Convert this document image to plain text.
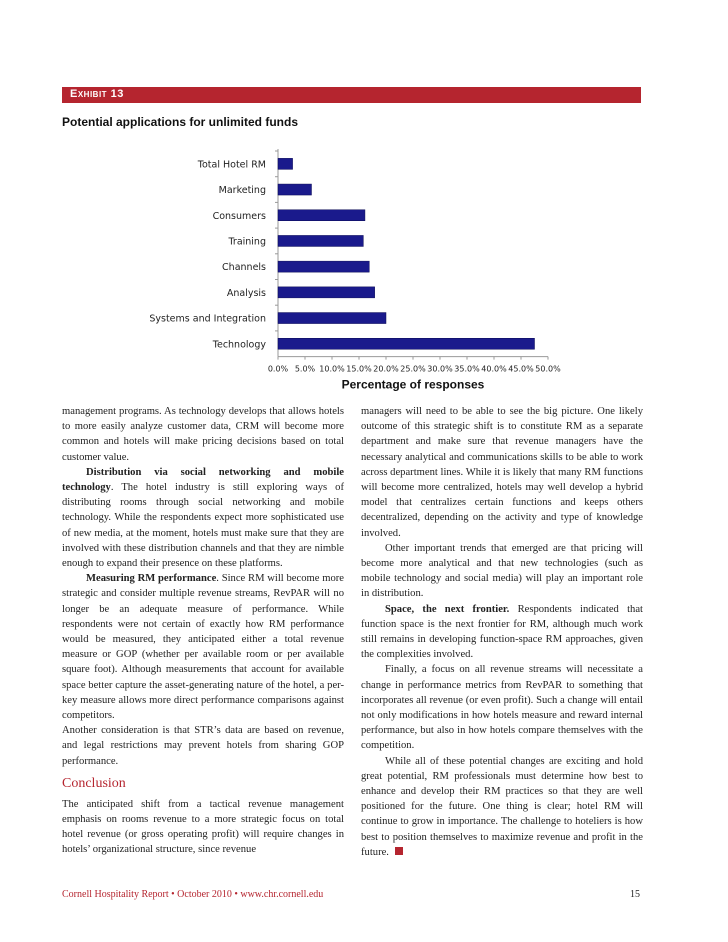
Exhibit 13
Potential applications for unlimited funds
Total Hotel RM
Marketing
Consumers
Training
Channels
Analysis
Systems and Integration
Technology
0.0% 5.0% 10.0% 15.0% 20.0% 25.0% 30.0% 35.0% 40.0% 45.0% 50.0%
Percentage of responses

management programs. As technology develops that allows hotels to more easily analyze customer data, CRM will become more common and hotels will make pricing decisions based on total customer value.

Distribution via social networking and mobile technology. The hotel industry is still exploring ways of distributing rooms through social networking and mobile technology. While the respondents expect more sophisticated use of new media, at the moment, hotels must make sure that they are involved with these distribution channels and that they are nimble enough to expand their presence on these platforms.

Measuring RM performance. Since RM will become more strategic and consider multiple revenue streams, RevPAR will no longer be an adequate measure of performance. While respondents were not certain of exactly how RM performance would be measured, they anticipated either a total revenue measure or GOP (whether per available room or per available square foot). Although measurements that account for available space better capture the asset-generating nature of the hotel, a per-key measure allows more direct performance comparisons against competitors.

Another consideration is that STR’s data are based on revenue, and legal restrictions may prevent hotels from sharing GOP performance.

Conclusion

The anticipated shift from a tactical revenue management emphasis on rooms revenue to a more strategic focus on total hotel revenue (or gross operating profit) will require changes in hotels’ organizational structure, since revenue

managers will need to be able to see the big picture. One likely outcome of this strategic shift is to constitute RM as a separate department and make sure that revenue managers have the necessary analytical and communications skills to be able to work across department lines. While it is likely that many RM functions will become more centralized, hotels may well develop a hybrid model that centralizes certain functions and keeps others decentralized, depending on the activity and type of knowledge involved.

Other important trends that emerged are that pricing will become more analytical and that new technologies (such as mobile technology and social media) will play an important role in distribution.

Space, the next frontier. Respondents indicated that function space is the next frontier for RM, although much work still remains in developing function-space RM approaches, given the complexities involved.

Finally, a focus on all revenue streams will necessitate a change in performance metrics from RevPAR to something that incorporates all revenue (or even profit). Such a change will entail not only modifications in how hotels measure and reward internal performance, but also in how hotels compare themselves with the competition.

While all of these potential changes are exciting and hold great potential, RM professionals must determine how best to enhance and develop their RM practices so that they are well positioned for the future. One thing is clear; hotel RM will continue to grow in importance. The challenge to hoteliers is how best to position themselves to maximize revenue and profit in the future.

Cornell Hospitality Report • October 2010 • www.chr.cornell.edu	15
